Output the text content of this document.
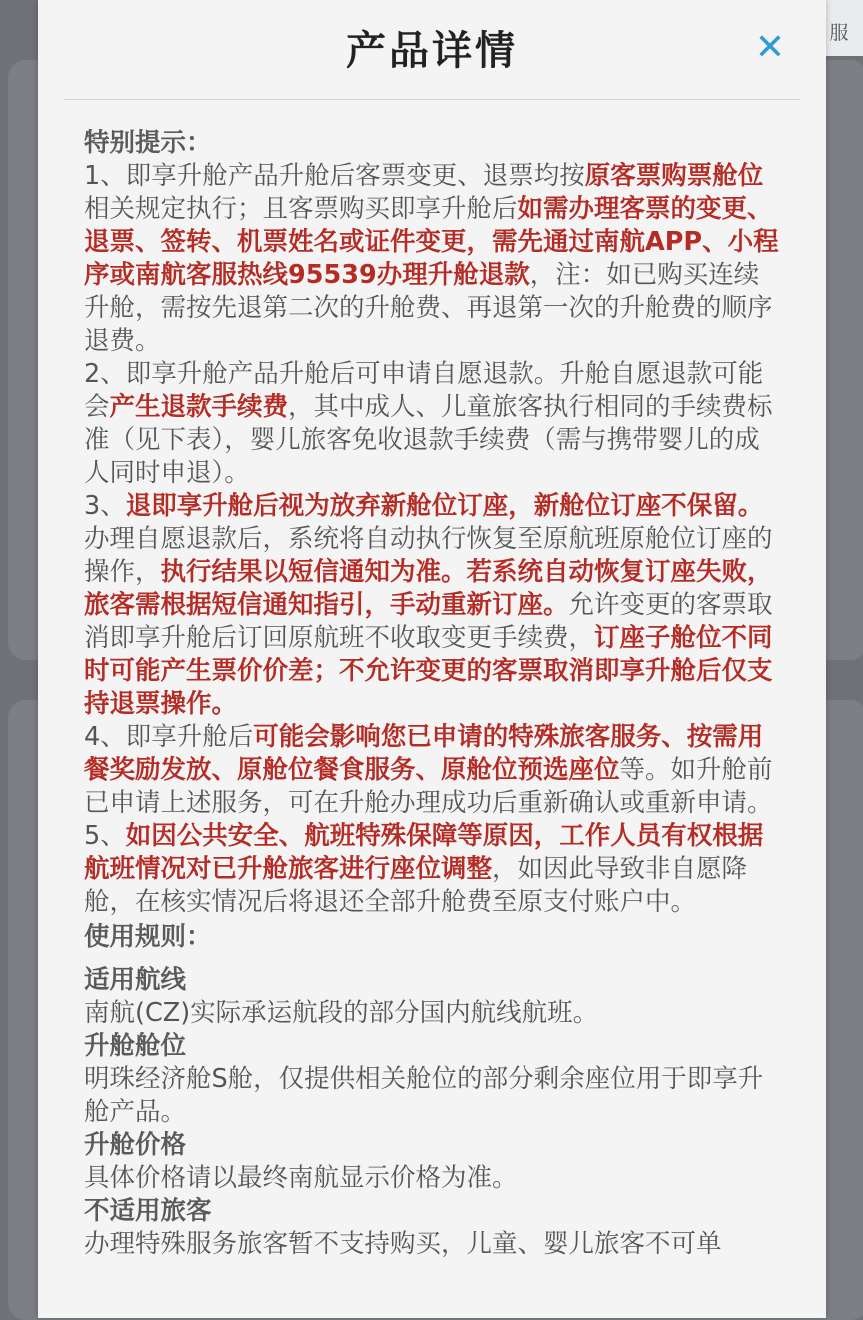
服
产品详情	✕

特别提示：

1、即享升舱产品升舱后客票变更、退票均按原客票购票舱位相关规定执行；且客票购买即享升舱后如需办理客票的变更、退票、签转、机票姓名或证件变更，需先通过南航APP、小程序或南航客服热线95539办理升舱退款，注：如已购买连续升舱，需按先退第二次的升舱费、再退第一次的升舱费的顺序退费。

2、即享升舱产品升舱后可申请自愿退款。升舱自愿退款可能会产生退款手续费，其中成人、儿童旅客执行相同的手续费标准（见下表），婴儿旅客免收退款手续费（需与携带婴儿的成人同时申退）。

3、退即享升舱后视为放弃新舱位订座，新舱位订座不保留。办理自愿退款后，系统将自动执行恢复至原航班原舱位订座的操作，执行结果以短信通知为准。若系统自动恢复订座失败，旅客需根据短信通知指引，手动重新订座。允许变更的客票取消即享升舱后订回原航班不收取变更手续费，订座子舱位不同时可能产生票价价差；不允许变更的客票取消即享升舱后仅支持退票操作。

4、即享升舱后可能会影响您已申请的特殊旅客服务、按需用餐奖励发放、原舱位餐食服务、原舱位预选座位等。如升舱前已申请上述服务，可在升舱办理成功后重新确认或重新申请。

5、如因公共安全、航班特殊保障等原因，工作人员有权根据航班情况对已升舱旅客进行座位调整，如因此导致非自愿降舱，在核实情况后将退还全部升舱费至原支付账户中。

使用规则：

适用航线

南航(CZ)实际承运航段的部分国内航线航班。

升舱舱位

明珠经济舱S舱，仅提供相关舱位的部分剩余座位用于即享升舱产品。

升舱价格

具体价格请以最终南航显示价格为准。

不适用旅客

办理特殊服务旅客暂不支持购买，儿童、婴儿旅客不可单
